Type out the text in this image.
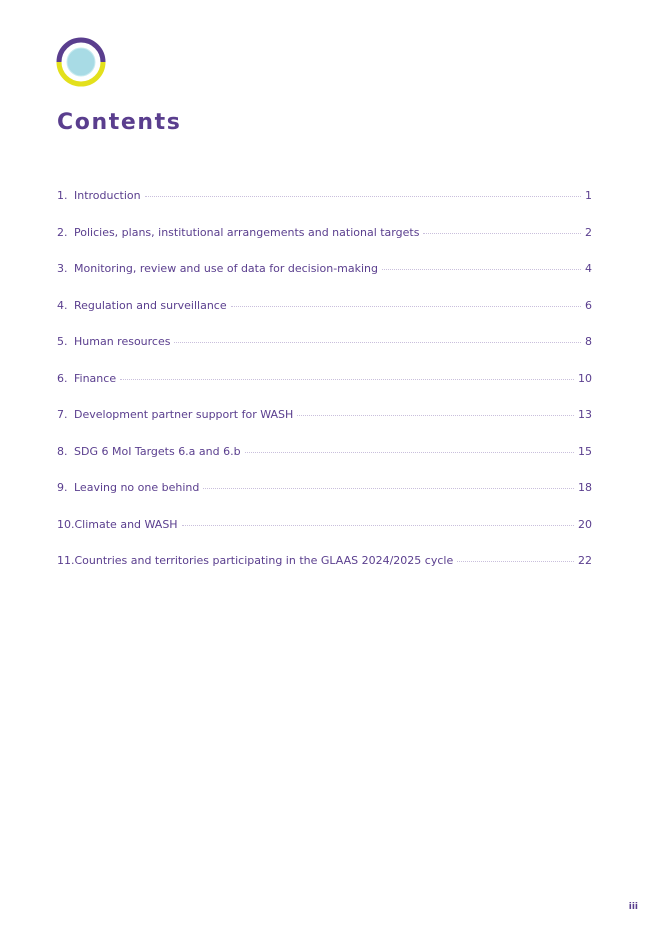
Contents
1. Introduction	1
2. Policies, plans, institutional arrangements and national targets	2
3. Monitoring, review and use of data for decision-making	4
4. Regulation and surveillance	6
5. Human resources	8
6. Finance	10
7. Development partner support for WASH	13
8. SDG 6 MoI Targets 6.a and 6.b	15
9. Leaving no one behind	18
10. Climate and WASH	20
11. Countries and territories participating in the GLAAS 2024/2025 cycle	22
iii
